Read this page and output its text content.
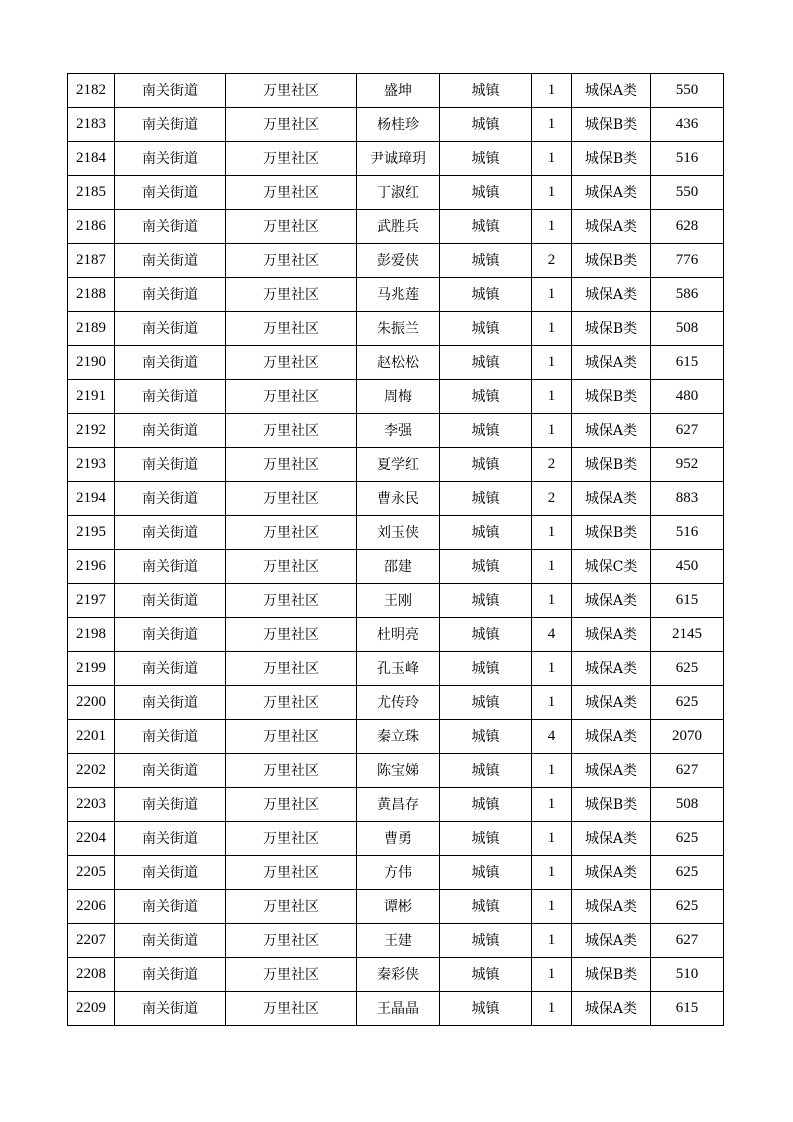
2182	南关街道	万里社区	盛坤	城镇	1	城保A类	550
2183	南关街道	万里社区	杨桂珍	城镇	1	城保B类	436
2184	南关街道	万里社区	尹诚璋玥	城镇	1	城保B类	516
2185	南关街道	万里社区	丁淑红	城镇	1	城保A类	550
2186	南关街道	万里社区	武胜兵	城镇	1	城保A类	628
2187	南关街道	万里社区	彭爱侠	城镇	2	城保B类	776
2188	南关街道	万里社区	马兆莲	城镇	1	城保A类	586
2189	南关街道	万里社区	朱振兰	城镇	1	城保B类	508
2190	南关街道	万里社区	赵松松	城镇	1	城保A类	615
2191	南关街道	万里社区	周梅	城镇	1	城保B类	480
2192	南关街道	万里社区	李强	城镇	1	城保A类	627
2193	南关街道	万里社区	夏学红	城镇	2	城保B类	952
2194	南关街道	万里社区	曹永民	城镇	2	城保A类	883
2195	南关街道	万里社区	刘玉侠	城镇	1	城保B类	516
2196	南关街道	万里社区	邵建	城镇	1	城保C类	450
2197	南关街道	万里社区	王刚	城镇	1	城保A类	615
2198	南关街道	万里社区	杜明亮	城镇	4	城保A类	2145
2199	南关街道	万里社区	孔玉峰	城镇	1	城保A类	625
2200	南关街道	万里社区	尤传玲	城镇	1	城保A类	625
2201	南关街道	万里社区	秦立珠	城镇	4	城保A类	2070
2202	南关街道	万里社区	陈宝娣	城镇	1	城保A类	627
2203	南关街道	万里社区	黄昌存	城镇	1	城保B类	508
2204	南关街道	万里社区	曹勇	城镇	1	城保A类	625
2205	南关街道	万里社区	方伟	城镇	1	城保A类	625
2206	南关街道	万里社区	谭彬	城镇	1	城保A类	625
2207	南关街道	万里社区	王建	城镇	1	城保A类	627
2208	南关街道	万里社区	秦彩侠	城镇	1	城保B类	510
2209	南关街道	万里社区	王晶晶	城镇	1	城保A类	615
